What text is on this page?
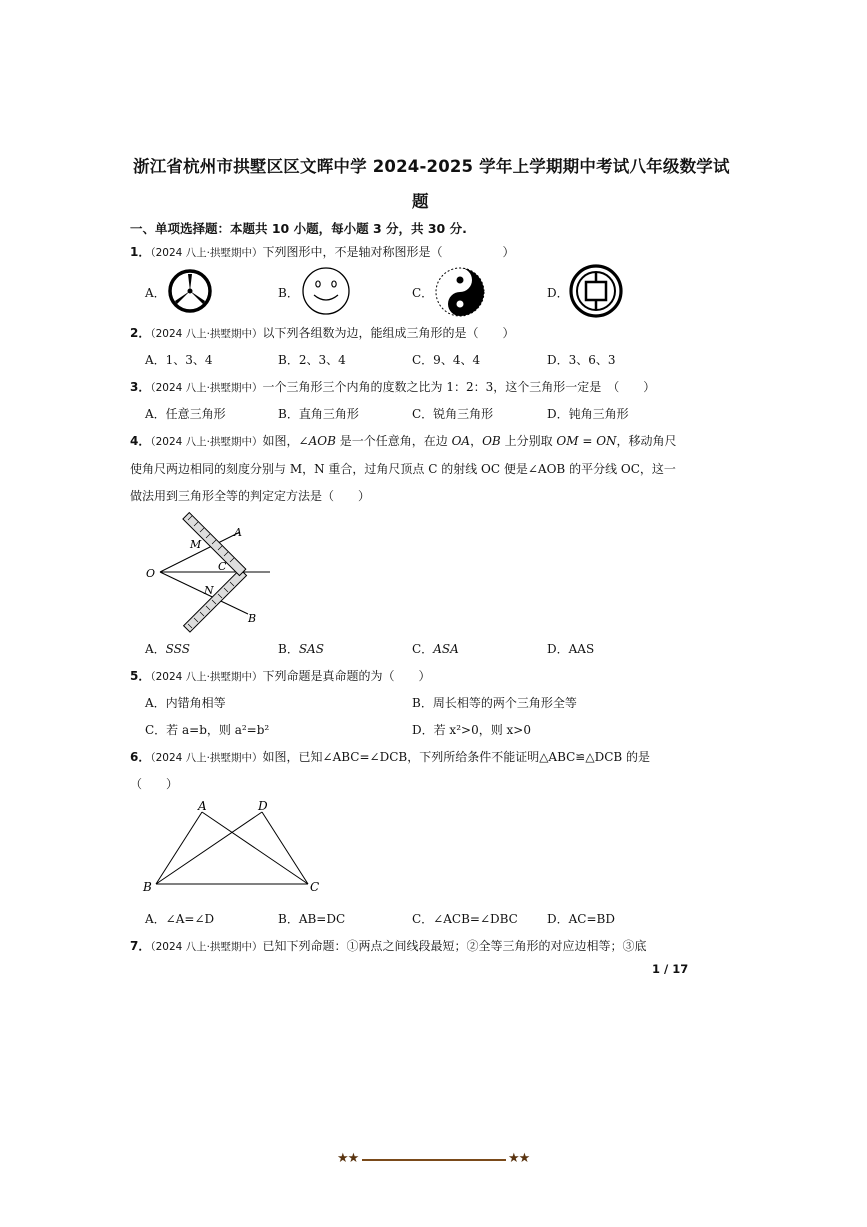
浙江省杭州市拱墅区区文晖中学 2024-2025 学年上学期期中考试八年级数学试
题
一、单项选择题：本题共 10 小题，每小题 3 分，共 30 分.
1．（2024 八上·拱墅期中）下列图形中，不是轴对称图形是（　　　　　）
A．	B．	C．	D．
2．（2024 八上·拱墅期中）以下列各组数为边，能组成三角形的是（　　）
A．1、3、4	B．2、3、4	C．9、4、4	D．3、6、3
3．（2024 八上·拱墅期中）一个三角形三个内角的度数之比为 1：2：3，这个三角形一定是　（　　）
A．任意三角形	B．直角三角形	C．锐角三角形	D．钝角三角形
4．（2024 八上·拱墅期中）如图，∠AOB 是一个任意角，在边 OA，OB 上分别取 OM = ON，移动角尺
使角尺两边相同的刻度分别与 M，N 重合，过角尺顶点 C 的射线 OC 便是∠AOB 的平分线 OC，这一
做法用到三角形全等的判定定方法是（　　）
A
M
O
C
N
B
A．SSS	B．SAS	C．ASA	D．AAS
5．（2024 八上·拱墅期中）下列命题是真命题的为（　　）
A．内错角相等	B．周长相等的两个三角形全等
C．若 a=b，则 a²=b²	D．若 x²>0，则 x>0
6．（2024 八上·拱墅期中）如图，已知∠ABC=∠DCB，下列所给条件不能证明△ABC≌△DCB 的是
（　　）
A	D
B	C
A．∠A=∠D	B．AB=DC	C．∠ACB=∠DBC D．AC=BD
7．（2024 八上·拱墅期中）已知下列命题：①两点之间线段最短；②全等三角形的对应边相等；③底
1 / 17
★★	★★
